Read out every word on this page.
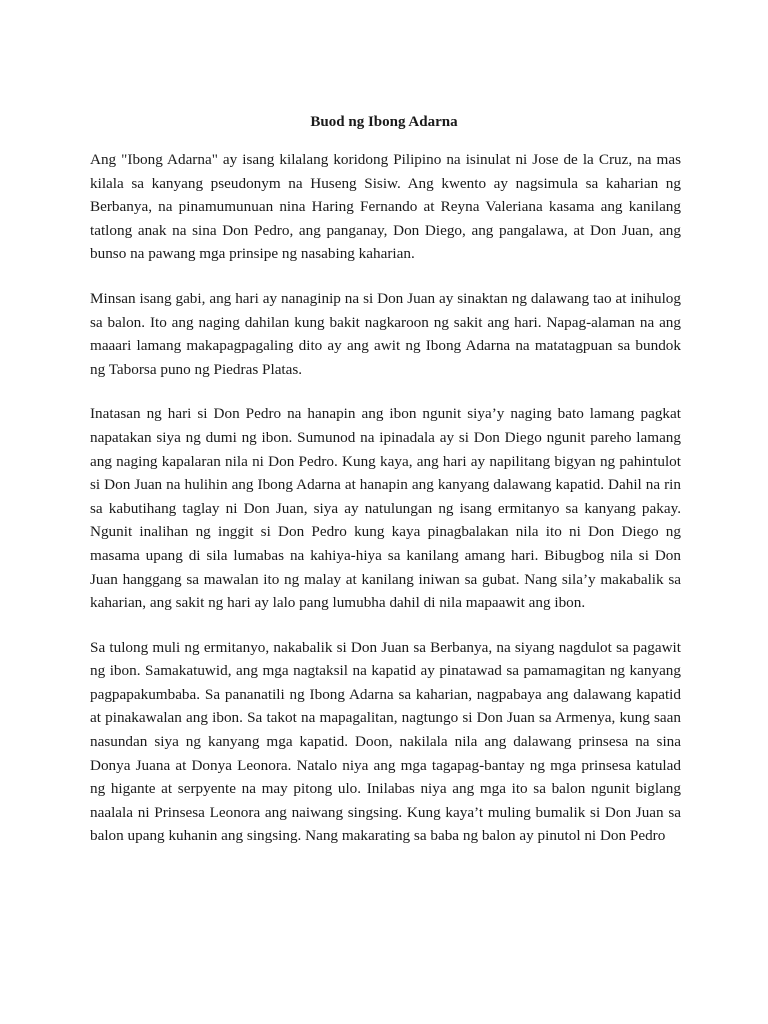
Buod ng Ibong Adarna

Ang "Ibong Adarna" ay isang kilalang koridong Pilipino na isinulat ni Jose de la Cruz, na mas kilala sa kanyang pseudonym na Huseng Sisiw. Ang kwento ay nagsimula sa kaharian ng Berbanya, na pinamumunuan nina Haring Fernando at Reyna Valeriana kasama ang kanilang tatlong anak na sina Don Pedro, ang panganay, Don Diego, ang pangalawa, at Don Juan, ang bunso na pawang mga prinsipe ng nasabing kaharian.

Minsan isang gabi, ang hari ay nanaginip na si Don Juan ay sinaktan ng dalawang tao at inihulog sa balon. Ito ang naging dahilan kung bakit nagkaroon ng sakit ang hari. Napag-alaman na ang maaari lamang makapagpagaling dito ay ang awit ng Ibong Adarna na matatagpuan sa bundok ng Taborsa puno ng Piedras Platas.

Inatasan ng hari si Don Pedro na hanapin ang ibon ngunit siya’y naging bato lamang pagkat napatakan siya ng dumi ng ibon. Sumunod na ipinadala ay si Don Diego ngunit pareho lamang ang naging kapalaran nila ni Don Pedro. Kung kaya, ang hari ay napilitang bigyan ng pahintulot si Don Juan na hulihin ang Ibong Adarna at hanapin ang kanyang dalawang kapatid. Dahil na rin sa kabutihang taglay ni Don Juan, siya ay natulungan ng isang ermitanyo sa kanyang pakay. Ngunit inalihan ng inggit si Don Pedro kung kaya pinagbalakan nila ito ni Don Diego ng masama upang di sila lumabas na kahiya-hiya sa kanilang amang hari. Bibugbog nila si Don Juan hanggang sa mawalan ito ng malay at kanilang iniwan sa gubat. Nang sila’y makabalik sa kaharian, ang sakit ng hari ay lalo pang lumubha dahil di nila mapaawit ang ibon.

Sa tulong muli ng ermitanyo, nakabalik si Don Juan sa Berbanya, na siyang nagdulot sa pagawit ng ibon. Samakatuwid, ang mga nagtaksil na kapatid ay pinatawad sa pamamagitan ng kanyang pagpapakumbaba. Sa pananatili ng Ibong Adarna sa kaharian, nagpabaya ang dalawang kapatid at pinakawalan ang ibon. Sa takot na mapagalitan, nagtungo si Don Juan sa Armenya, kung saan nasundan siya ng kanyang mga kapatid. Doon, nakilala nila ang dalawang prinsesa na sina Donya Juana at Donya Leonora. Natalo niya ang mga tagapag-bantay ng mga prinsesa katulad ng higante at serpyente na may pitong ulo. Inilabas niya ang mga ito sa balon ngunit biglang naalala ni Prinsesa Leonora ang naiwang singsing. Kung kaya’t muling bumalik si Don Juan sa balon upang kuhanin ang singsing. Nang makarating sa baba ng balon ay pinutol ni Don Pedro
